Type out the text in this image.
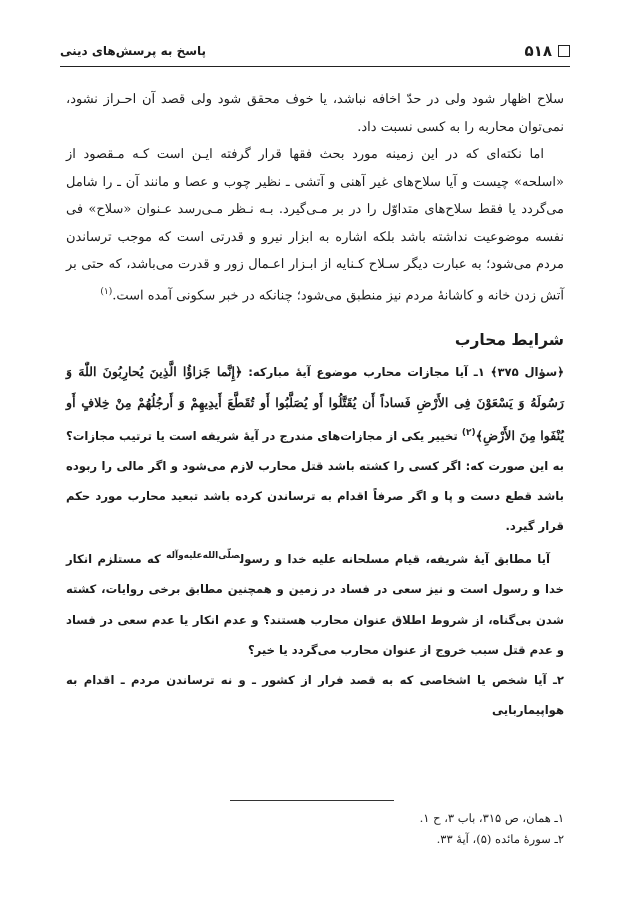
۵۱۸
پاسخ به پرسش‌های دینی

سلاح اظهار شود ولی در حدّ اخافه نباشد، یا خوف محقق شود ولی قصد آن احـراز نشود، نمی‌توان محاربه را به کسی نسبت داد.

اما نکته‌ای که در این زمینه مورد بحث فقها قرار گرفته ایـن است کـه مـقصود از «اسلحه» چیست و آیا سلاح‌های غیر آهنی و آتشی ـ نظیر چوب و عصا و مانند آن ـ را شامل می‌گردد یا فقط سلاح‌های متداوّل را در بر مـی‌گیرد. بـه نـظر مـی‌رسد عـنوان «سلاح» فی نفسه موضوعیت نداشته باشد بلکه اشاره به ابزار نیرو و قدرتی است که موجب ترساندن مردم می‌شود؛ به عبارت دیگر سـلاح کـنایه از ابـزار اعـمال زور و قدرت می‌باشد، که حتی بر آتش زدن خانه و کاشانهٔ مردم نیز منطبق می‌شود؛ چنانکه در خبر سکونی آمده است.$^{(۱)}$

شرایط محارب

﴿سؤال ۳۷۵﴾ ۱ـ آیا مجازات محارب موضوع آیهٔ مبارکه: ﴿إِنَّما جَزاؤُا الَّذِینَ یُحارِبُونَ اللّٰهَ وَ رَسُولَهُ وَ یَسْعَوْنَ فِی الأَرْضِ فَساداً أَن یُقَتَّلُوا أَو یُصَلَّبُوا أَو تُقَطَّعَ أَیدِیهِمْ وَ أَرجُلُهُمْ مِنْ خِلافٍ أَو یُنْفَوا مِنَ الأَرْضِ﴾$^{(۲)}$ تخییر یکی از مجازات‌های مندرج در آیهٔ شریفه است یا ترتیب مجازات؟ به این صورت که: اگر کسی را کشته باشد قتل محارب لازم می‌شود و اگر مالی را ربوده باشد قطع دست و پا و اگر صرفاً اقدام به ترساندن کرده باشد تبعید محارب مورد حکم قرار گیرد.

آیا مطابق آیهٔ شریفه، قیام مسلحانه علیه خدا و رسول$^{صلّی‌الله‌علیه‌وآله}$ که مستلزم انکار خدا و رسول است و نیز سعی در فساد در زمین و همچنین مطابق برخی روایات، کشته شدن بی‌گناه، از شروط اطلاق عنوان محارب هستند؟ و عدم انکار یا عدم سعی در فساد و عدم قتل سبب خروج از عنوان محارب می‌گردد یا خیر؟

۲ـ آیا شخص یا اشخاصی که به قصد فرار از کشور ـ و نه ترساندن مردم ـ اقدام به هواپیماربایی

۱ـ همان، ص ۳۱۵، باب ۳، ح ۱.
۲ـ سورهٔ مائده (۵)، آیهٔ ۳۳.
